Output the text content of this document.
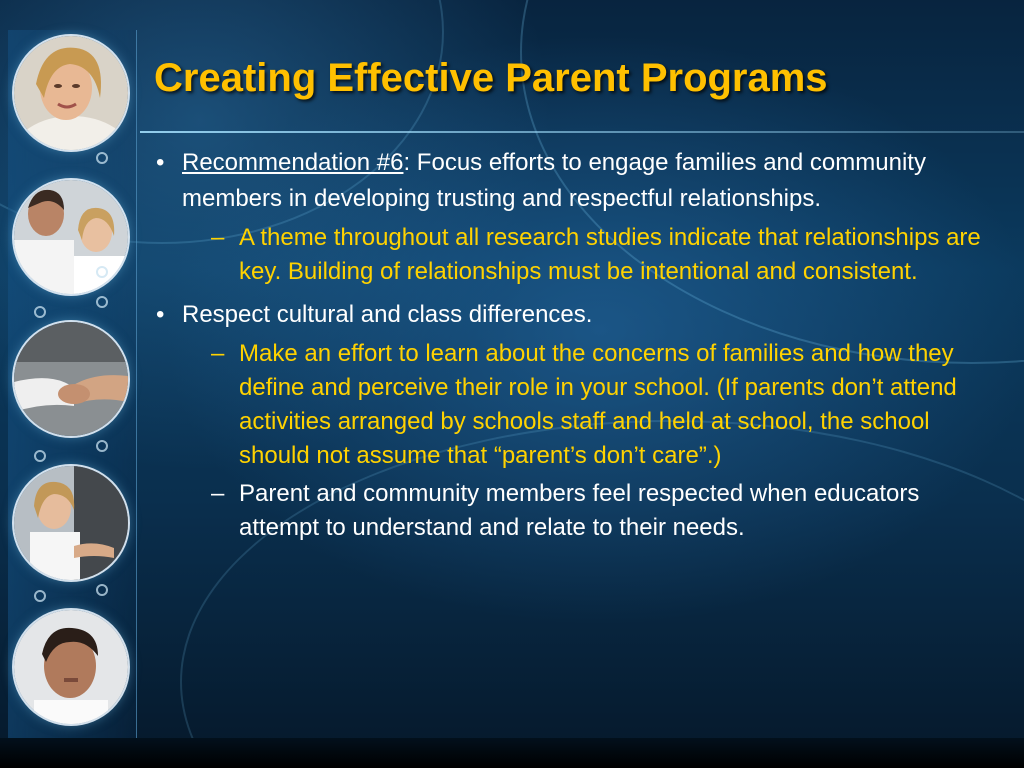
Creating Effective Parent Programs
• Recommendation #6: Focus efforts to engage families and community members in developing trusting and respectful relationships.
– A theme throughout all research studies indicate that relationships are key. Building of relationships must be intentional and consistent.
• Respect cultural and class differences.
– Make an effort to learn about the concerns of families and how they define and perceive their role in your school. (If parents don’t attend activities arranged by schools staff and held at school, the school should not assume that “parent’s don’t care”.)
– Parent and community members feel respected when educators attempt to understand and relate to their needs.
